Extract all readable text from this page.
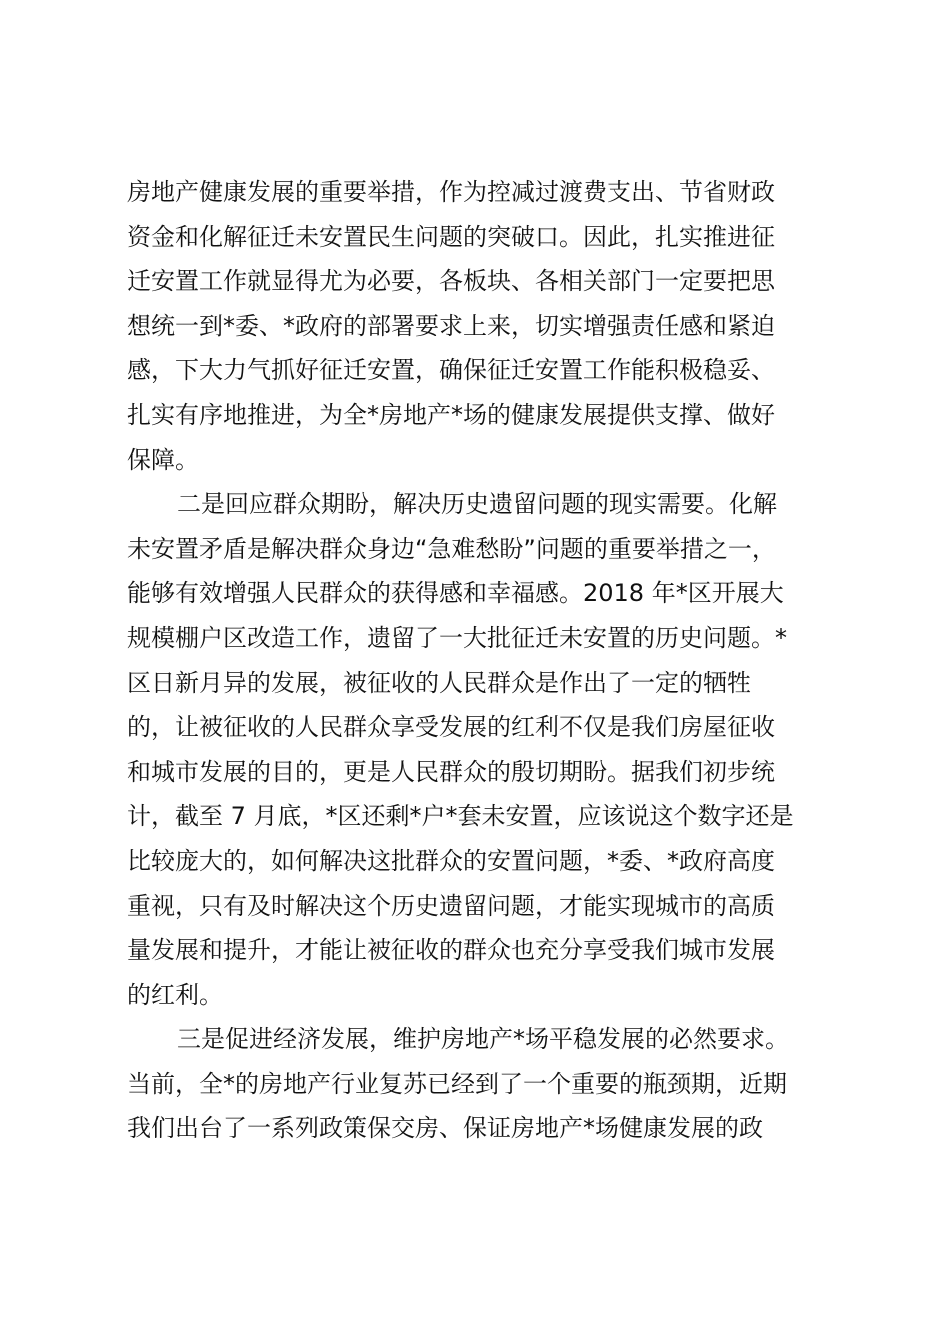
房地产健康发展的重要举措，作为控减过渡费支出、节省财政
资金和化解征迁未安置民生问题的突破口。因此，扎实推进征
迁安置工作就显得尤为必要，各板块、各相关部门一定要把思
想统一到*委、*政府的部署要求上来，切实增强责任感和紧迫
感，下大力气抓好征迁安置，确保征迁安置工作能积极稳妥、
扎实有序地推进，为全*房地产*场的健康发展提供支撑、做好
保障。
二是回应群众期盼，解决历史遗留问题的现实需要。化解
未安置矛盾是解决群众身边“急难愁盼”问题的重要举措之一，
能够有效增强人民群众的获得感和幸福感。2018 年*区开展大
规模棚户区改造工作，遗留了一大批征迁未安置的历史问题。*
区日新月异的发展，被征收的人民群众是作出了一定的牺牲
的，让被征收的人民群众享受发展的红利不仅是我们房屋征收
和城市发展的目的，更是人民群众的殷切期盼。据我们初步统
计，截至 7 月底，*区还剩*户*套未安置，应该说这个数字还是
比较庞大的，如何解决这批群众的安置问题，*委、*政府高度
重视，只有及时解决这个历史遗留问题，才能实现城市的高质
量发展和提升，才能让被征收的群众也充分享受我们城市发展
的红利。
三是促进经济发展，维护房地产*场平稳发展的必然要求。
当前，全*的房地产行业复苏已经到了一个重要的瓶颈期，近期
我们出台了一系列政策保交房、保证房地产*场健康发展的政
